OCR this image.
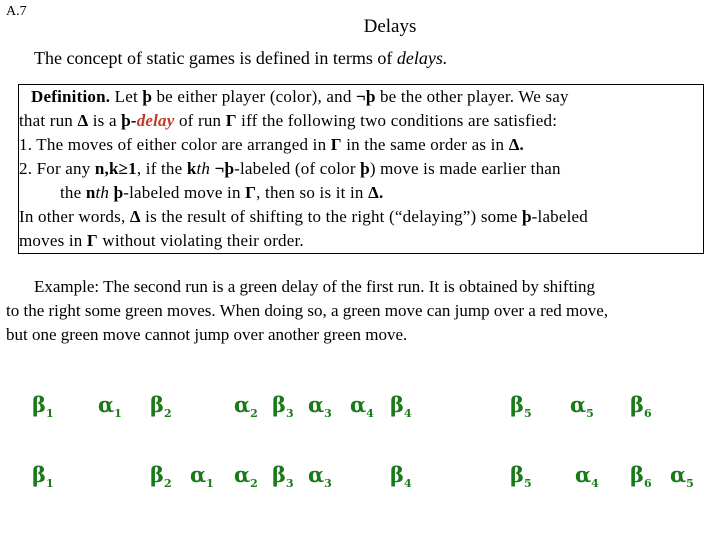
A.7
Delays
The concept of static games is defined in terms of delays.
Definition. Let þ be either player (color), and ¬þ be the other player. We say
that run Δ is a þ-delay of run Γ iff the following two conditions are satisfied:
1. The moves of either color are arranged in Γ in the same order as in Δ.
2. For any n,k≥1, if the kth ¬þ-labeled (of color þ) move is made earlier than
the nth þ-labeled move in Γ, then so is it in Δ.
In other words, Δ is the result of shifting to the right (“delaying”) some þ-labeled
moves in Γ without violating their order.
Example: The second run is a green delay of the first run. It is obtained by shifting
to the right some green moves. When doing so, a green move can jump over a red move,
but one green move cannot jump over another green move.
$\beta_1$ $\alpha_1$ $\beta_2$	$\alpha_2$ $\beta_3$ $\alpha_3$ $\alpha_4$ $\beta_4$	$\beta_5$ $\alpha_5$ $\beta_6$
$\beta_1$	$\beta_2$ $\alpha_1$ $\alpha_2$ $\beta_3$ $\alpha_3$	$\beta_4$	$\beta_5$ $\alpha_4$ $\beta_6$ $\alpha_5$
